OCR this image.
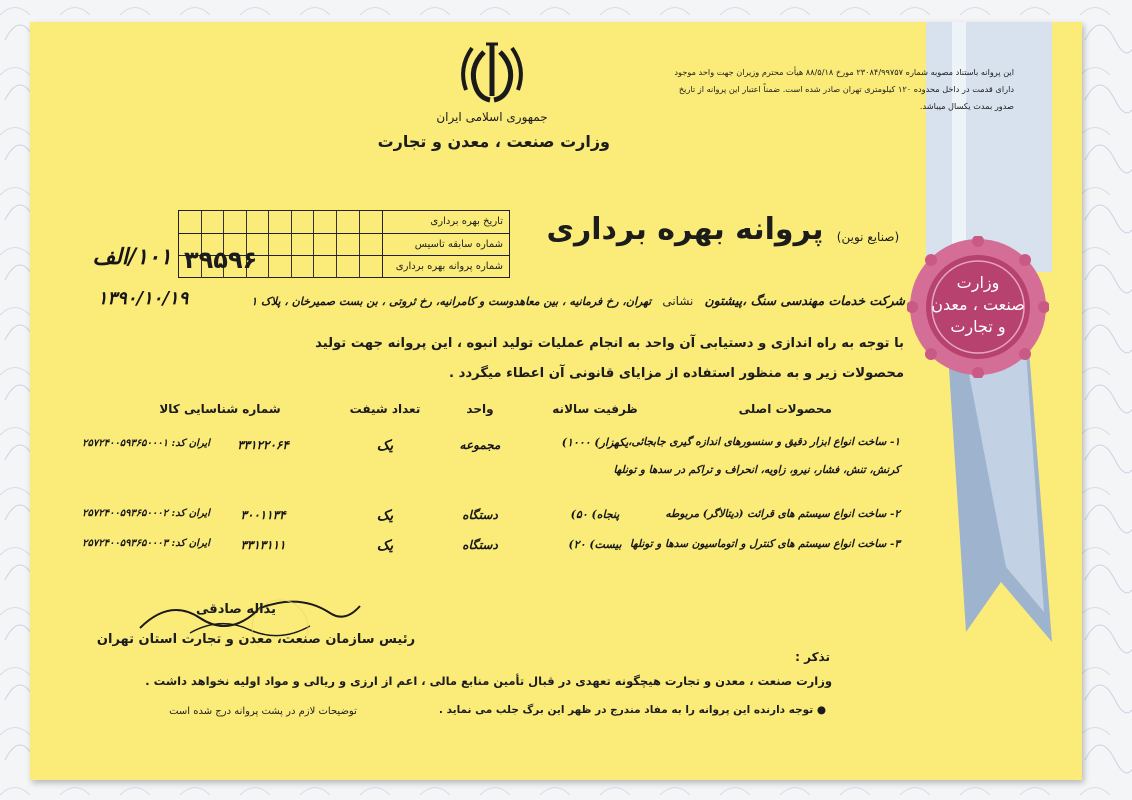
وزارت
صنعت ، معدن
و تجارت
جمهوری اسلامی ایران
وزارت صنعت ، معدن و تجارت
این پروانه باستناد مصوبه شماره ۲۳۰۸۴/۹۹۷۵۷ مورخ ۸۸/۵/۱۸ هیأت محترم وزیران جهت واحد موجود
دارای قدمت در داخل محدوده ۱۲۰ کیلومتری تهران صادر شده است. ضمناً اعتبار این پروانه از تاریخ
صدور بمدت یکسال میباشد.
پروانه بهره برداری	(صنایع نوین)
تاریخ بهره برداری
شماره سابقه تاسیس
شماره پروانه بهره برداری
۳۹۵۹۶
۱۰۱/الف
۱۳۹۰/۱۰/۱۹	شرکت خدمات مهندسی سنگ ،پیشتون نشانی تهران، رخ فرمانیه ، بین معاهدوست و کامرانیه، رخ ثروتی ، بن بست صمیرخان ، پلاک ۱
با توجه به راه اندازی و دستیابی آن واحد به انجام عملیات تولید انبوه ، این پروانه جهت تولید
محصولات زیر و به منظور استفاده از مزایای قانونی آن اعطاء میگردد .
محصولات اصلی
ظرفیت سالانه
واحد
تعداد شیفت
شماره شناسایی کالا
۱- ساخت انواع ابزار دقیق و سنسورهای اندازه گیری جابجائی،
کرنش، تنش، فشار، نیرو، زاویه، انحراف و تراکم در سدها و تونلها
(۱۰۰۰ (یکهزار
مجموعه
یک
۳۳۱۲۲۰۶۴
ایران کد: ۲۵۷۲۴۰۰۵۹۳۶۵۰۰۰۱
۲- ساخت انواع سیستم های قرائت (دیتالاگر) مربوطه
(۵۰ (پنجاه
دستگاه
یک
۳۰۰۱۱۳۴
ایران کد: ۲۵۷۲۴۰۰۵۹۳۶۵۰۰۰۲
۳- ساخت انواع سیستم های کنترل و اتوماسیون سدها و تونلها
(۲۰ (بیست
دستگاه
یک
۳۳۱۳۱۱۱
ایران کد: ۲۵۷۲۴۰۰۵۹۳۶۵۰۰۰۳
یداله صادقی
رئیس سازمان صنعت، معدن و تجارت استان تهران
تذکر :
وزارت صنعت ، معدن و تجارت هیچگونه تعهدی در قبال تأمین منابع مالی ، اعم از ارزی و ریالی و مواد اولیه نخواهد داشت .
● توجه دارنده این پروانه را به مفاد مندرج در ظهر این برگ جلب می نماید .
توضیحات لازم در پشت پروانه درج شده است
